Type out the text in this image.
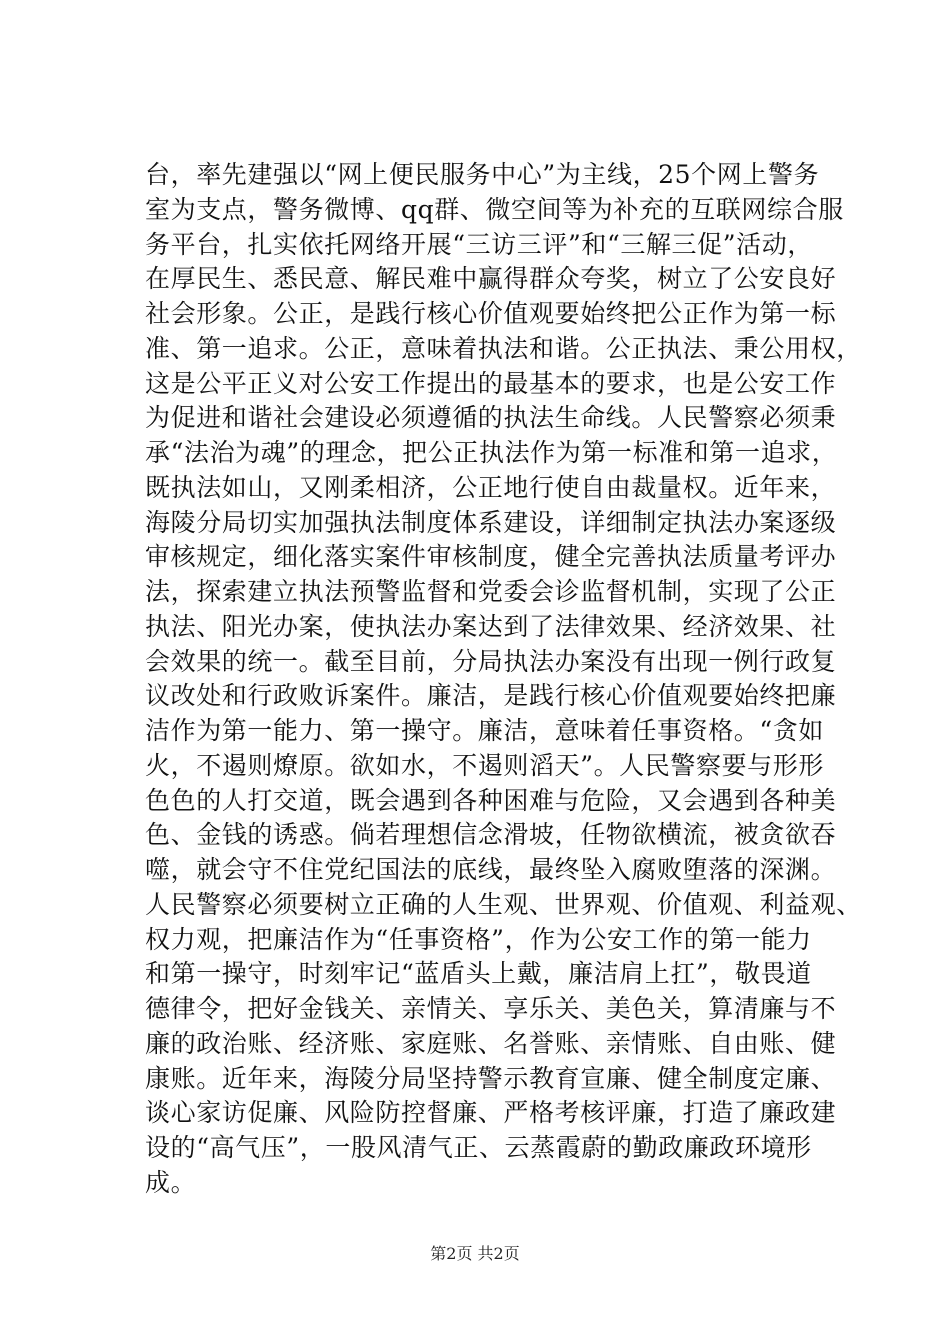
台，率先建强以“网上便民服务中心”为主线，25个网上警务
室为支点，警务微博、qq群、微空间等为补充的互联网综合服
务平台，扎实依托网络开展“三访三评”和“三解三促”活动，
在厚民生、悉民意、解民难中赢得群众夸奖，树立了公安良好
社会形象。公正，是践行核心价值观要始终把公正作为第一标
准、第一追求。公正，意味着执法和谐。公正执法、秉公用权，
这是公平正义对公安工作提出的最基本的要求，也是公安工作
为促进和谐社会建设必须遵循的执法生命线。人民警察必须秉
承“法治为魂”的理念，把公正执法作为第一标准和第一追求，
既执法如山，又刚柔相济，公正地行使自由裁量权。近年来，
海陵分局切实加强执法制度体系建设，详细制定执法办案逐级
审核规定，细化落实案件审核制度，健全完善执法质量考评办
法，探索建立执法预警监督和党委会诊监督机制，实现了公正
执法、阳光办案，使执法办案达到了法律效果、经济效果、社
会效果的统一。截至目前，分局执法办案没有出现一例行政复
议改处和行政败诉案件。廉洁，是践行核心价值观要始终把廉
洁作为第一能力、第一操守。廉洁，意味着任事资格。“贪如
火，不遏则燎原。欲如水，不遏则滔天”。人民警察要与形形
色色的人打交道，既会遇到各种困难与危险，又会遇到各种美
色、金钱的诱惑。倘若理想信念滑坡，任物欲横流，被贪欲吞
噬，就会守不住党纪国法的底线，最终坠入腐败堕落的深渊。
人民警察必须要树立正确的人生观、世界观、价值观、利益观、
权力观，把廉洁作为“任事资格”，作为公安工作的第一能力
和第一操守，时刻牢记“蓝盾头上戴，廉洁肩上扛”，敬畏道
德律令，把好金钱关、亲情关、享乐关、美色关，算清廉与不
廉的政治账、经济账、家庭账、名誉账、亲情账、自由账、健
康账。近年来，海陵分局坚持警示教育宣廉、健全制度定廉、
谈心家访促廉、风险防控督廉、严格考核评廉，打造了廉政建
设的“高气压”，一股风清气正、云蒸霞蔚的勤政廉政环境形
成。
第2页 共2页
